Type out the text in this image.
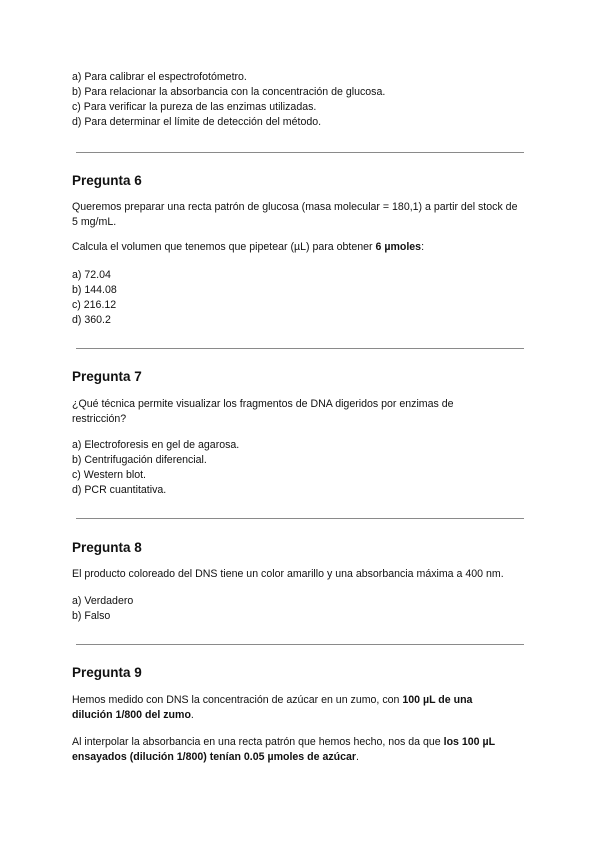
a) Para calibrar el espectrofotómetro.

b) Para relacionar la absorbancia con la concentración de glucosa.

c) Para verificar la pureza de las enzimas utilizadas.

d) Para determinar el límite de detección del método.

Pregunta 6

Queremos preparar una recta patrón de glucosa (masa molecular = 180,1) a partir del stock de 5 mg/mL.

Calcula el volumen que tenemos que pipetear (µL) para obtener 6 µmoles:

a) 72.04

b) 144.08

c) 216.12

d) 360.2

Pregunta 7

¿Qué técnica permite visualizar los fragmentos de DNA digeridos por enzimas de restricción?

a) Electroforesis en gel de agarosa.

b) Centrifugación diferencial.

c) Western blot.

d) PCR cuantitativa.

Pregunta 8

El producto coloreado del DNS tiene un color amarillo y una absorbancia máxima a 400 nm.

a) Verdadero

b) Falso

Pregunta 9

Hemos medido con DNS la concentración de azúcar en un zumo, con 100 µL de una dilución 1/800 del zumo.

Al interpolar la absorbancia en una recta patrón que hemos hecho, nos da que los 100 µL ensayados (dilución 1/800) tenían 0.05 µmoles de azúcar.
